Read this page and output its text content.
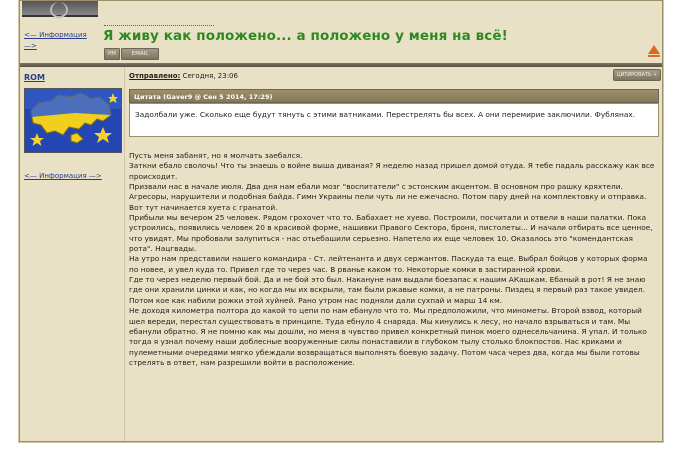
<— Информация —>
Я живу как положено... а положено у меня на всё!
PM	EMAIL
ROM
<— Информация —>
Отправлено: Сегодня, 23:06	ЦИТИРОВАТЬ +
Цитата (Gaver9 @ Сен 5 2014, 17:29)
Задолбали уже. Сколько еще будут тянуть с этими ватниками. Перестрелять бы всех. А они перемирие заключили. Фублянах.

Пусть меня забанят, но я молчать заебался.

Заткни ебало сволочь! Что ты знаешь о войне выша диваная? Я неделю назад пришел домой отуда. Я тебе падаль расскажу как все происходит.

Призвали нас в начале июля. Два дня нам ебали мозг "воспитатели" с эстонским акцентом. В основном про рашку кряхтели. Агресоры, нарушители и подобная байда. Гимн Украины пели чуть ли не ежечасно. Потом пару дней на комплектовку и отправка. Вот тут начинается хуета с гранатой.

Прибыли мы вечером 25 человек. Рядом грохочет что то. Бабахает не хуево. Построили, посчитали и отвели в наши палатки. Пока устроились, появились человек 20 в красивой форме, нашивки Правого Сектора, броня, пистолеты... И начали отбирать все ценное, что увидят. Мы пробовали залупиться - нас отьебашили серьезно. Напетело их еще человек 10. Оказалось это "комендантская рота". Нацгвады.

На утро нам представили нашего командира - Ст. лейтенанта и двух сержантов. Паскуда та еще. Выбрал бойцов у которых форма по новее, и увел куда то. Привел где то через час. В рванье каком то. Некоторые комки в застиранной крови.

Где то через неделю первый бой. Да и не бой это был. Накануне нам выдали боезапас к нашим АКашкам. Ебаный в рот! Я не знаю где они хранили цинки и как, но когда мы их вскрыли, там были ржавые комки, а не патроны. Пиздец я первый раз такое увидел. Потом кое как набили рожки этой хуйней. Рано утром нас подняли дали сухпай и марш 14 км.

Не доходя километра полтора до какой то цепи по нам ебануло что то. Мы предположили, что минометы. Второй взвод, который шел вереди, перестал существовать в принципе. Туда ебнуло 4 снаряда. Мы кинулись к лесу, но начало взрываться и там. Мы ебанули обратно. Я не помню как мы дошли, но меня в чувство привел конкретный пинок моего однесельчанина. Я упал. И только тогда я узнал почему наши доблесные вооруженные силы понаставили в глубоком тылу столько блокпостов. Нас криками и пулеметными очередями мягко убеждали возвращаться выполнять боевую задачу. Потом часа через два, когда мы были готовы стрелять в ответ, нам разрешили войти в расположение.
